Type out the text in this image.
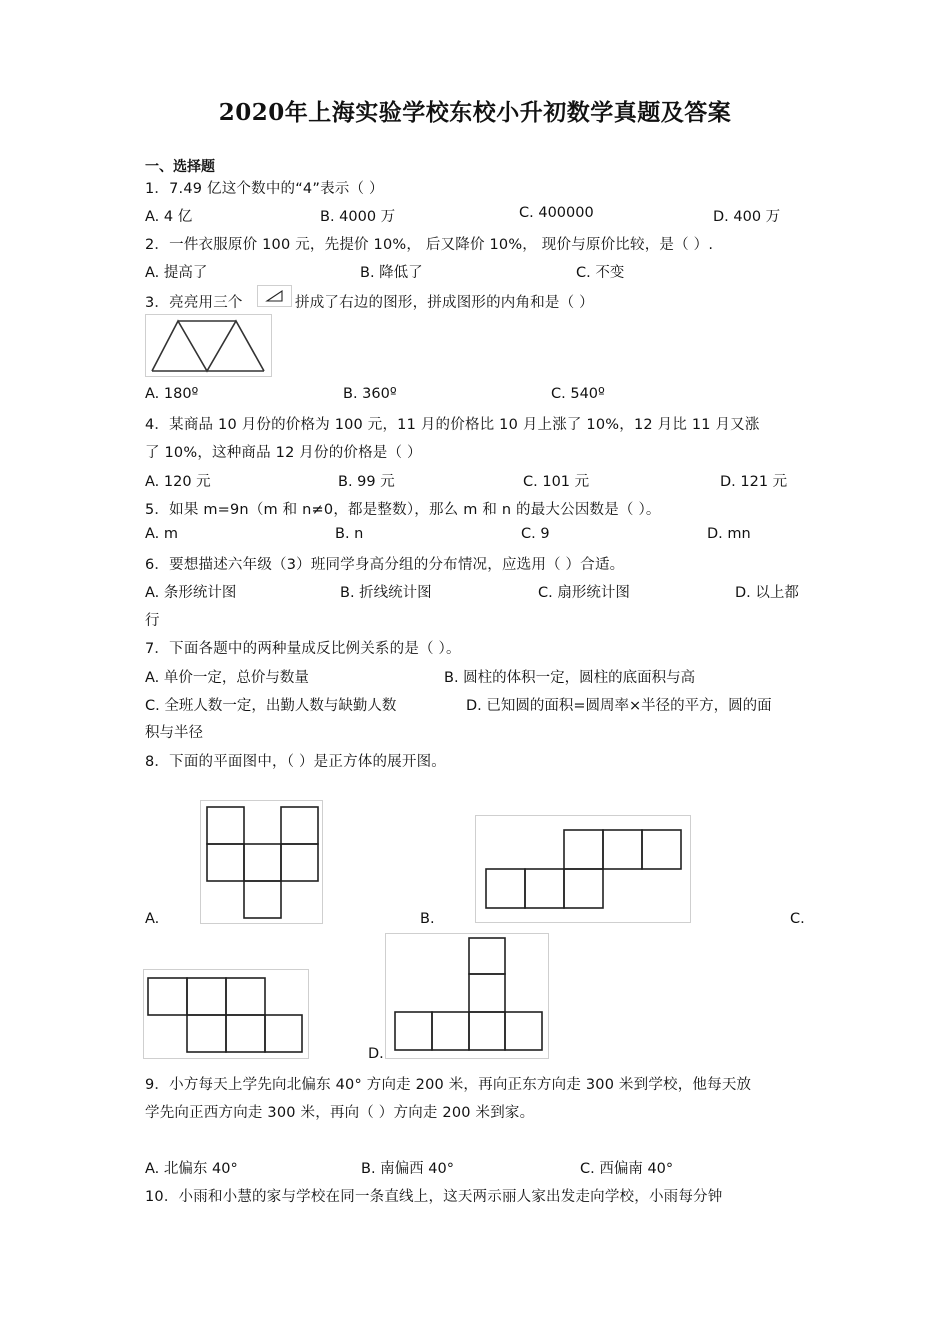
2020年上海实验学校东校小升初数学真题及答案
一、选择题
1．7.49 亿这个数中的“4”表示（ ）
A. 4 亿	B. 4000 万	C. 400000	D. 400 万
2．一件衣服原价 100 元，先提价 10%， 后又降价 10%， 现价与原价比较，是（ ）.
A. 提高了	B. 降低了	C. 不变
3．亮亮用三个	拼成了右边的图形，拼成图形的内角和是（ ）
A. 180º	B. 360º	C. 540º
4．某商品 10 月份的价格为 100 元，11 月的价格比 10 月上涨了 10%，12 月比 11 月又涨
了 10%，这种商品 12 月份的价格是（ ）
A. 120 元	B. 99 元	C. 101 元	D. 121 元
5．如果 m=9n（m 和 n≠0，都是整数），那么 m 和 n 的最大公因数是（ ）。
A. m	B. n	C. 9	D. mn
6．要想描述六年级（3）班同学身高分组的分布情况，应选用（ ）合适。
A. 条形统计图	B. 折线统计图	C. 扇形统计图	D. 以上都
行
7．下面各题中的两种量成反比例关系的是（ ）。
A. 单价一定，总价与数量	B. 圆柱的体积一定，圆柱的底面积与高
C. 全班人数一定，出勤人数与缺勤人数	D. 已知圆的面积=圆周率×半径的平方，圆的面
积与半径
8．下面的平面图中，（ ）是正方体的展开图。
A.	B.	C.
D.
9．小方每天上学先向北偏东 40° 方向走 200 米，再向正东方向走 300 米到学校，他每天放
学先向正西方向走 300 米，再向（ ）方向走 200 米到家。
A. 北偏东 40°	B. 南偏西 40°	C. 西偏南 40°
10．小雨和小慧的家与学校在同一条直线上，这天两示丽人家出发走向学校，小雨每分钟
